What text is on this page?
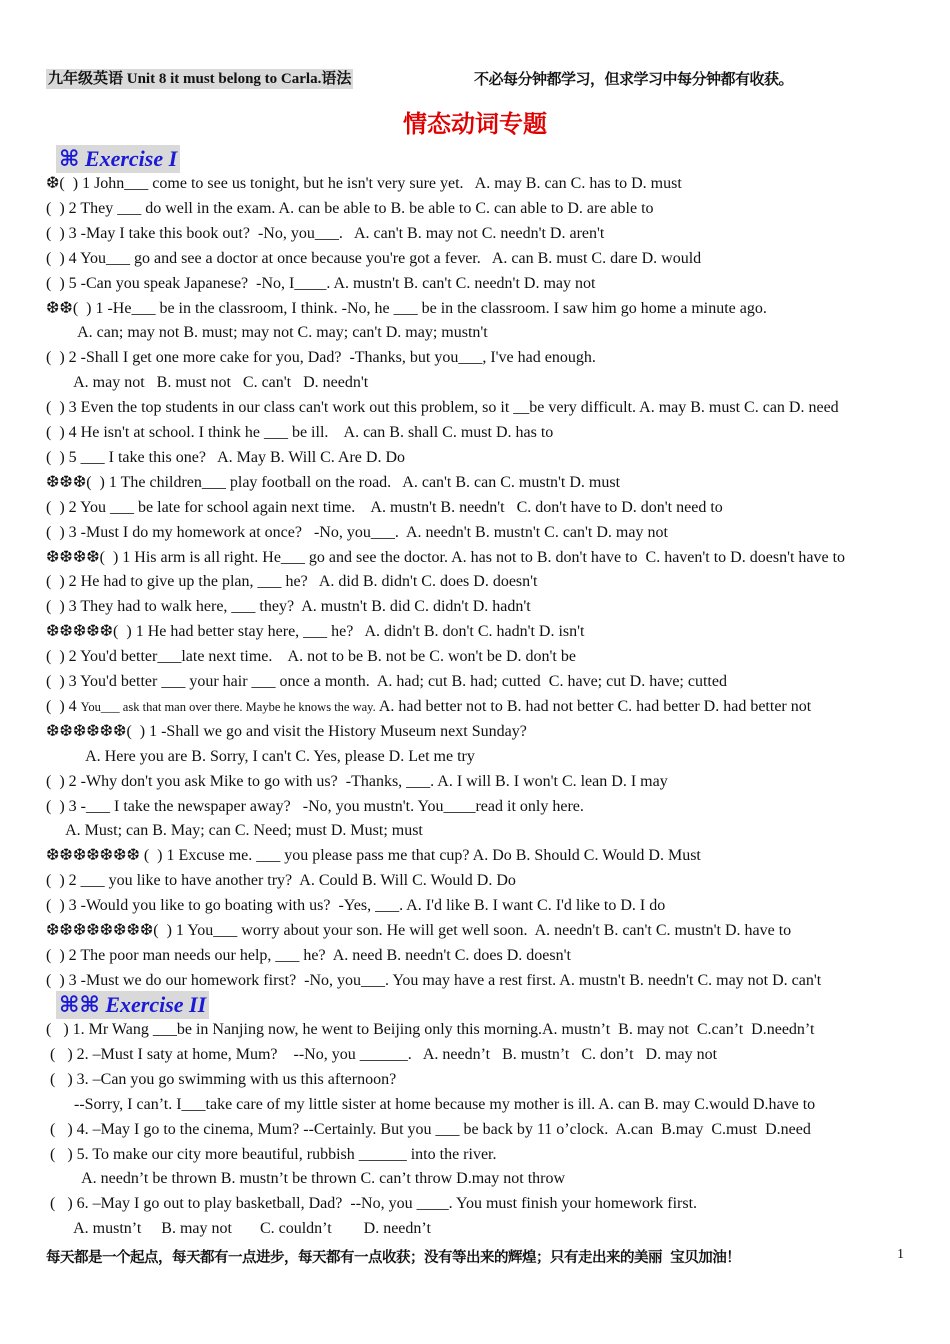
九年级英语 Unit 8 it must belong to Carla.语法	不必每分钟都学习，但求学习中每分钟都有收获。
情态动词专题
⌘ Exercise I
❆(  ) 1 John___ come to see us tonight, but he isn't very sure yet.   A. may B. can C. has to D. must
(  ) 2 They ___ do well in the exam. A. can be able to B. be able to C. can able to D. are able to
(  ) 3 -May I take this book out?  -No, you___.   A. can't B. may not C. needn't D. aren't
(  ) 4 You___ go and see a doctor at once because you're got a fever.   A. can B. must C. dare D. would
(  ) 5 -Can you speak Japanese?  -No, I____. A. mustn't B. can't C. needn't D. may not
❆❆(  ) 1 -He___ be in the classroom, I think. -No, he ___ be in the classroom. I saw him go home a minute ago.
A. can; may not B. must; may not C. may; can't D. may; mustn't
(  ) 2 -Shall I get one more cake for you, Dad?  -Thanks, but you___, I've had enough.
A. may not   B. must not   C. can't   D. needn't
(  ) 3 Even the top students in our class can't work out this problem, so it __be very difficult. A. may B. must C. can D. need
(  ) 4 He isn't at school. I think he ___ be ill.    A. can B. shall C. must D. has to
(  ) 5 ___ I take this one?   A. May B. Will C. Are D. Do
❆❆❆(  ) 1 The children___ play football on the road.   A. can't B. can C. mustn't D. must
(  ) 2 You ___ be late for school again next time.    A. mustn't B. needn't   C. don't have to D. don't need to
(  ) 3 -Must I do my homework at once?   -No, you___.  A. needn't B. mustn't C. can't D. may not
❆❆❆❆(  ) 1 His arm is all right. He___ go and see the doctor. A. has not to B. don't have to  C. haven't to D. doesn't have to
(  ) 2 He had to give up the plan, ___ he?   A. did B. didn't C. does D. doesn't
(  ) 3 They had to walk here, ___ they?  A. mustn't B. did C. didn't D. hadn't
❆❆❆❆❆(  ) 1 He had better stay here, ___ he?   A. didn't B. don't C. hadn't D. isn't
(  ) 2 You'd better___late next time.    A. not to be B. not be C. won't be D. don't be
(  ) 3 You'd better ___ your hair ___ once a month.  A. had; cut B. had; cutted  C. have; cut D. have; cutted
(  ) 4 You___ ask that man over there. Maybe he knows the way. A. had better not to B. had not better C. had better D. had better not
❆❆❆❆❆❆(  ) 1 -Shall we go and visit the History Museum next Sunday?
A. Here you are B. Sorry, I can't C. Yes, please D. Let me try
(  ) 2 -Why don't you ask Mike to go with us?  -Thanks, ___. A. I will B. I won't C. lean D. I may
(  ) 3 -___ I take the newspaper away?   -No, you mustn't. You____read it only here.
A. Must; can B. May; can C. Need; must D. Must; must
❆❆❆❆❆❆❆ (  ) 1 Excuse me. ___ you please pass me that cup? A. Do B. Should C. Would D. Must
(  ) 2 ___ you like to have another try?  A. Could B. Will C. Would D. Do
(  ) 3 -Would you like to go boating with us?  -Yes, ___. A. I'd like B. I want C. I'd like to D. I do
❆❆❆❆❆❆❆❆(  ) 1 You___ worry about your son. He will get well soon.  A. needn't B. can't C. mustn't D. have to
(  ) 2 The poor man needs our help, ___ he?  A. need B. needn't C. does D. doesn't
(  ) 3 -Must we do our homework first?  -No, you___. You may have a rest first. A. mustn't B. needn't C. may not D. can't
⌘⌘ Exercise II
(   ) 1. Mr Wang ___be in Nanjing now, he went to Beijing only this morning.A. mustn’t  B. may not  C.can’t  D.needn’t
(   ) 2. –Must I saty at home, Mum?    --No, you ______.   A. needn’t   B. mustn’t   C. don’t   D. may not
(   ) 3. –Can you go swimming with us this afternoon?
--Sorry, I can’t. I___take care of my little sister at home because my mother is ill. A. can B. may C.would D.have to
(   ) 4. –May I go to the cinema, Mum? --Certainly. But you ___ be back by 11 o’clock.  A.can  B.may  C.must  D.need
(   ) 5. To make our city more beautiful, rubbish ______ into the river.
A. needn’t be thrown B. mustn’t be thrown C. can’t throw D.may not throw
(   ) 6. –May I go out to play basketball, Dad?  --No, you ____. You must finish your homework first.
A. mustn’t     B. may not       C. couldn’t        D. needn’t
每天都是一个起点，每天都有一点进步，每天都有一点收获；没有等出来的辉煌；只有走出来的美丽 宝贝加油！	1
